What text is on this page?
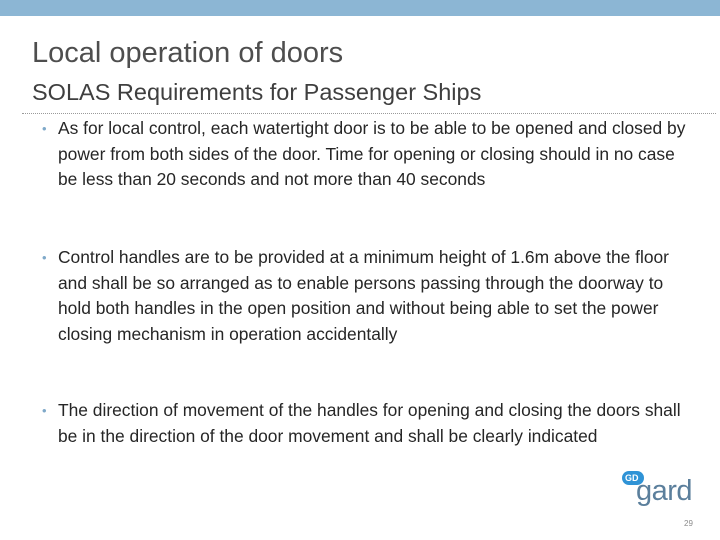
Local operation of doors
SOLAS Requirements for Passenger Ships
• As for local control, each watertight door is to be able to be opened and closed by power from both sides of the door. Time for opening or closing should in no case be less than 20 seconds and not more than 40 seconds
• Control handles are to be provided at a minimum height of 1.6m above the floor and shall be so arranged as to enable persons passing through the doorway to hold both handles in the open position and without being able to set the power closing mechanism in operation accidentally
• The direction of movement of the handles for opening and closing the doors shall be in the direction of the door movement and shall be clearly indicated
GD
gard
29
